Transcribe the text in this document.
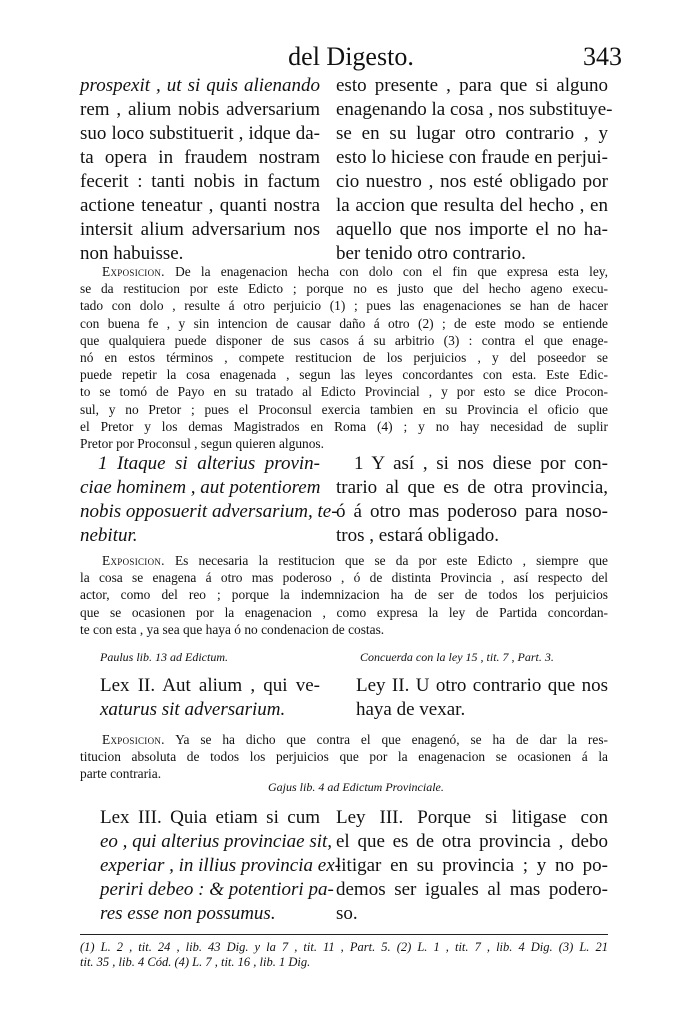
del Digesto.	343
prospexit , ut si quis alienando
rem , alium nobis adversarium
suo loco substituerit , idque da-
ta opera in fraudem nostram
fecerit : tanti nobis in factum
actione teneatur , quanti nostra
intersit alium adversarium nos
non habuisse.
esto presente , para que si alguno
enagenando la cosa , nos substituye-
se en su lugar otro contrario , y
esto lo hiciese con fraude en perjui-
cio nuestro , nos esté obligado por
la accion que resulta del hecho , en
aquello que nos importe el no ha-
ber tenido otro contrario.
Exposicion. De la enagenacion hecha con dolo con el fin que expresa esta ley,
se da restitucion por este Edicto ; porque no es justo que del hecho ageno execu-
tado con dolo , resulte á otro perjuicio (1) ; pues las enagenaciones se han de hacer
con buena fe , y sin intencion de causar daño á otro (2) ; de este modo se entiende
que qualquiera puede disponer de sus casos á su arbitrio (3) : contra el que enage-
nó en estos términos , compete restitucion de los perjuicios , y del poseedor se
puede repetir la cosa enagenada , segun las leyes concordantes con esta. Este Edic-
to se tomó de Payo en su tratado al Edicto Provincial , y por esto se dice Procon-
sul, y no Pretor ; pues el Proconsul exercia tambien en su Provincia el oficio que
el Pretor y los demas Magistrados en Roma (4) ; y no hay necesidad de suplir
Pretor por Proconsul , segun quieren algunos.
1 Itaque si alterius provin-
ciae hominem , aut potentiorem
nobis opposuerit adversarium, te-
nebitur.
1 Y así , si nos diese por con-
trario al que es de otra provincia,
ó á otro mas poderoso para noso-
tros , estará obligado.
Exposicion. Es necesaria la restitucion que se da por este Edicto , siempre que
la cosa se enagena á otro mas poderoso , ó de distinta Provincia , así respecto del
actor, como del reo ; porque la indemnizacion ha de ser de todos los perjuicios
que se ocasionen por la enagenacion , como expresa la ley de Partida concordan-
te con esta , ya sea que haya ó no condenacion de costas.
Paulus lib. 13 ad Edictum.	Concuerda con la ley 15 , tit. 7 , Part. 3.
Lex II. Aut alium , qui ve-
xaturus sit adversarium.
Ley II. U otro contrario que nos
haya de vexar.
Exposicion. Ya se ha dicho que contra el que enagenó, se ha de dar la res-
titucion absoluta de todos los perjuicios que por la enagenacion se ocasionen á la
parte contraria.
Gajus lib. 4 ad Edictum Provinciale.
Lex III. Quia etiam si cum
eo , qui alterius provinciae sit,
experiar , in illius provincia ex-
periri debeo : & potentiori pa-
res esse non possumus.
Ley III. Porque si litigase con
el que es de otra provincia , debo
litigar en su provincia ; y no po-
demos ser iguales al mas podero-
so.
(1) L. 2 , tit. 24 , lib. 43 Dig. y la 7 , tit. 11 , Part. 5. (2) L. 1 , tit. 7 , lib. 4 Dig. (3) L. 21
tit. 35 , lib. 4 Cód. (4) L. 7 , tit. 16 , lib. 1 Dig.
